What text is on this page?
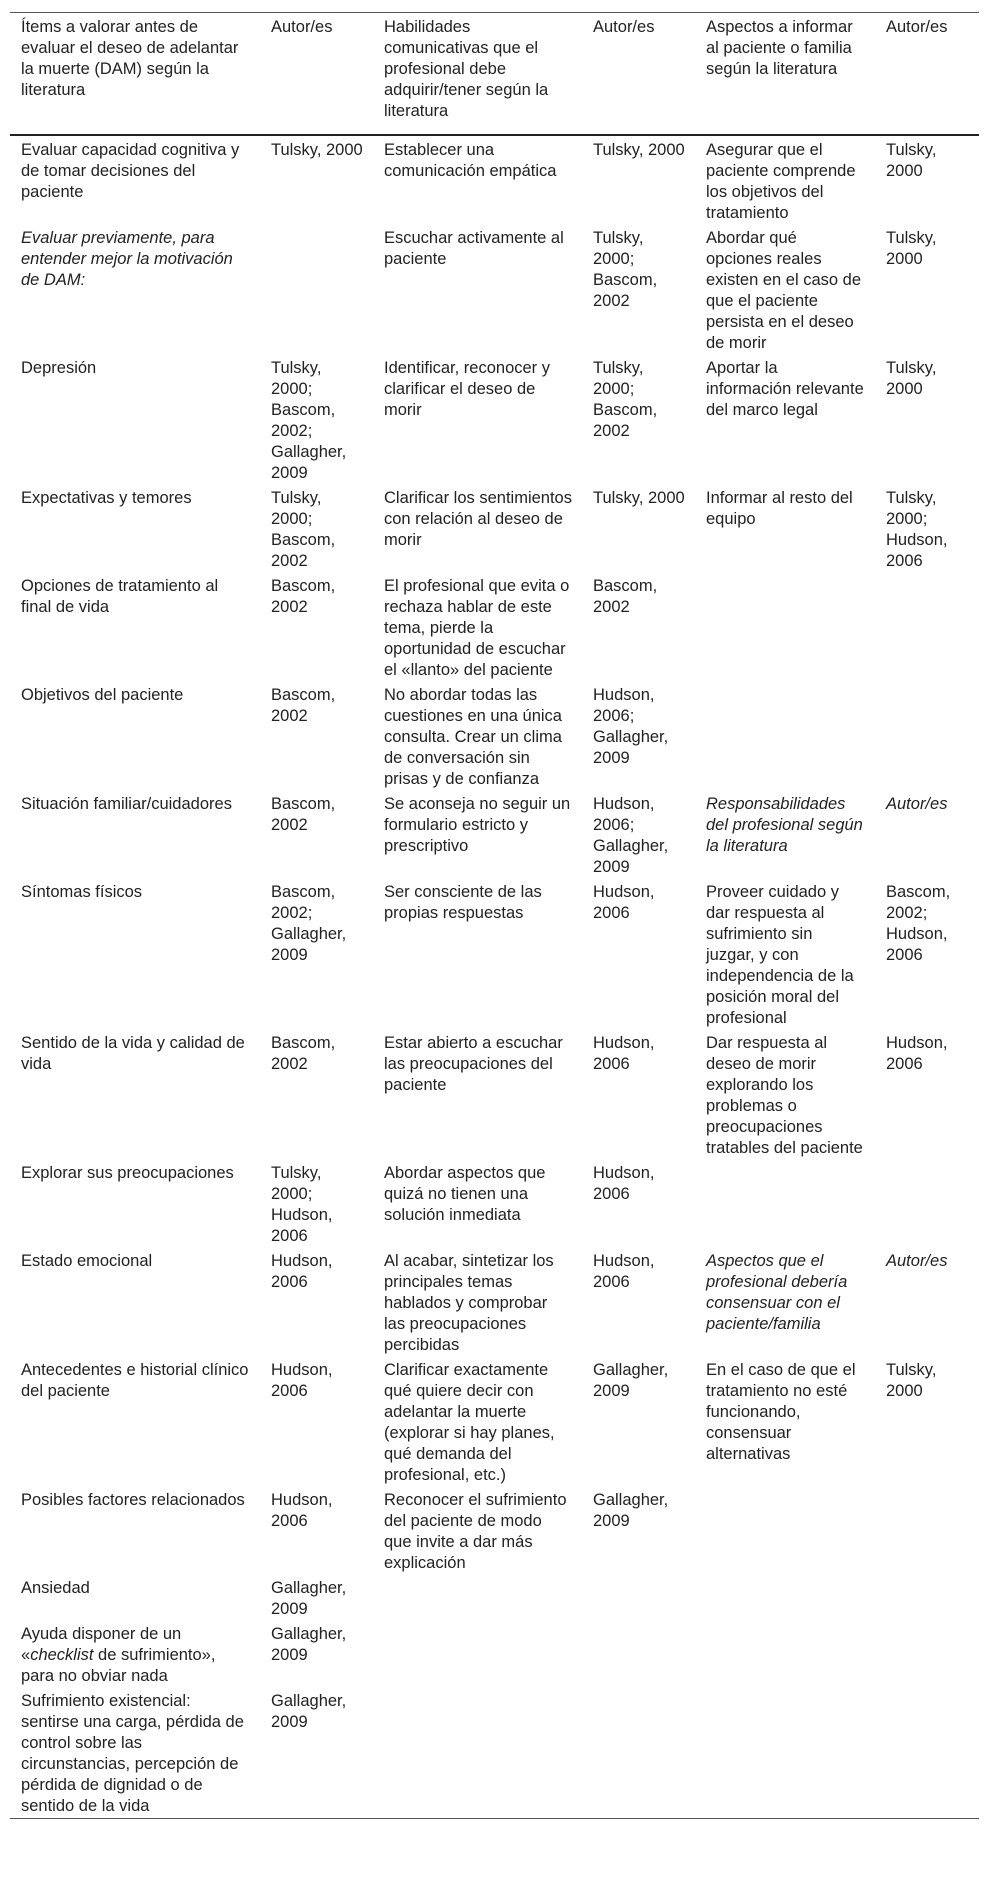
Ítems a valorar antes de evaluar el deseo de adelantar la muerte (DAM) según la literatura	Autor/es	Habilidades comunicativas que el profesional debe adquirir/tener según la literatura	Autor/es	Aspectos a informar al paciente o familia según la literatura	Autor/es
Evaluar capacidad cognitiva y de tomar decisiones del paciente	Tulsky, 2000	Establecer una comunicación empática	Tulsky, 2000	Asegurar que el paciente comprende los objetivos del tratamiento	Tulsky, 2000
Evaluar previamente, para entender mejor la motivación de DAM:		Escuchar activamente al paciente	Tulsky, 2000; Bascom, 2002	Abordar qué opciones reales existen en el caso de que el paciente persista en el deseo de morir	Tulsky, 2000
Depresión	Tulsky, 2000; Bascom, 2002; Gallagher, 2009	Identificar, reconocer y clarificar el deseo de morir	Tulsky, 2000; Bascom, 2002	Aportar la información relevante del marco legal	Tulsky, 2000
Expectativas y temores	Tulsky, 2000; Bascom, 2002	Clarificar los sentimientos con relación al deseo de morir	Tulsky, 2000	Informar al resto del equipo	Tulsky, 2000; Hudson, 2006
Opciones de tratamiento al final de vida	Bascom, 2002	El profesional que evita o rechaza hablar de este tema, pierde la oportunidad de escuchar el «llanto» del paciente	Bascom, 2002		
Objetivos del paciente	Bascom, 2002	No abordar todas las cuestiones en una única consulta. Crear un clima de conversación sin prisas y de confianza	Hudson, 2006; Gallagher, 2009		
Situación familiar/cuidadores	Bascom, 2002	Se aconseja no seguir un formulario estricto y prescriptivo	Hudson, 2006; Gallagher, 2009	Responsabilidades del profesional según la literatura	Autor/es
Síntomas físicos	Bascom, 2002; Gallagher, 2009	Ser consciente de las propias respuestas	Hudson, 2006	Proveer cuidado y dar respuesta al sufrimiento sin juzgar, y con independencia de la posición moral del profesional	Bascom, 2002; Hudson, 2006
Sentido de la vida y calidad de vida	Bascom, 2002	Estar abierto a escuchar las preocupaciones del paciente	Hudson, 2006	Dar respuesta al deseo de morir explorando los problemas o preocupaciones tratables del paciente	Hudson, 2006
Explorar sus preocupaciones	Tulsky, 2000; Hudson, 2006	Abordar aspectos que quizá no tienen una solución inmediata	Hudson, 2006		
Estado emocional	Hudson, 2006	Al acabar, sintetizar los principales temas hablados y comprobar las preocupaciones percibidas	Hudson, 2006	Aspectos que el profesional debería consensuar con el paciente/familia	Autor/es
Antecedentes e historial clínico del paciente	Hudson, 2006	Clarificar exactamente qué quiere decir con adelantar la muerte (explorar si hay planes, qué demanda del profesional, etc.)	Gallagher, 2009	En el caso de que el tratamiento no esté funcionando, consensuar alternativas	Tulsky, 2000
Posibles factores relacionados	Hudson, 2006	Reconocer el sufrimiento del paciente de modo que invite a dar más explicación	Gallagher, 2009		
Ansiedad	Gallagher, 2009				
Ayuda disponer de un «checklist de sufrimiento», para no obviar nada	Gallagher, 2009				
Sufrimiento existencial: sentirse una carga, pérdida de control sobre las circunstancias, percepción de pérdida de dignidad o de sentido de la vida	Gallagher, 2009				
